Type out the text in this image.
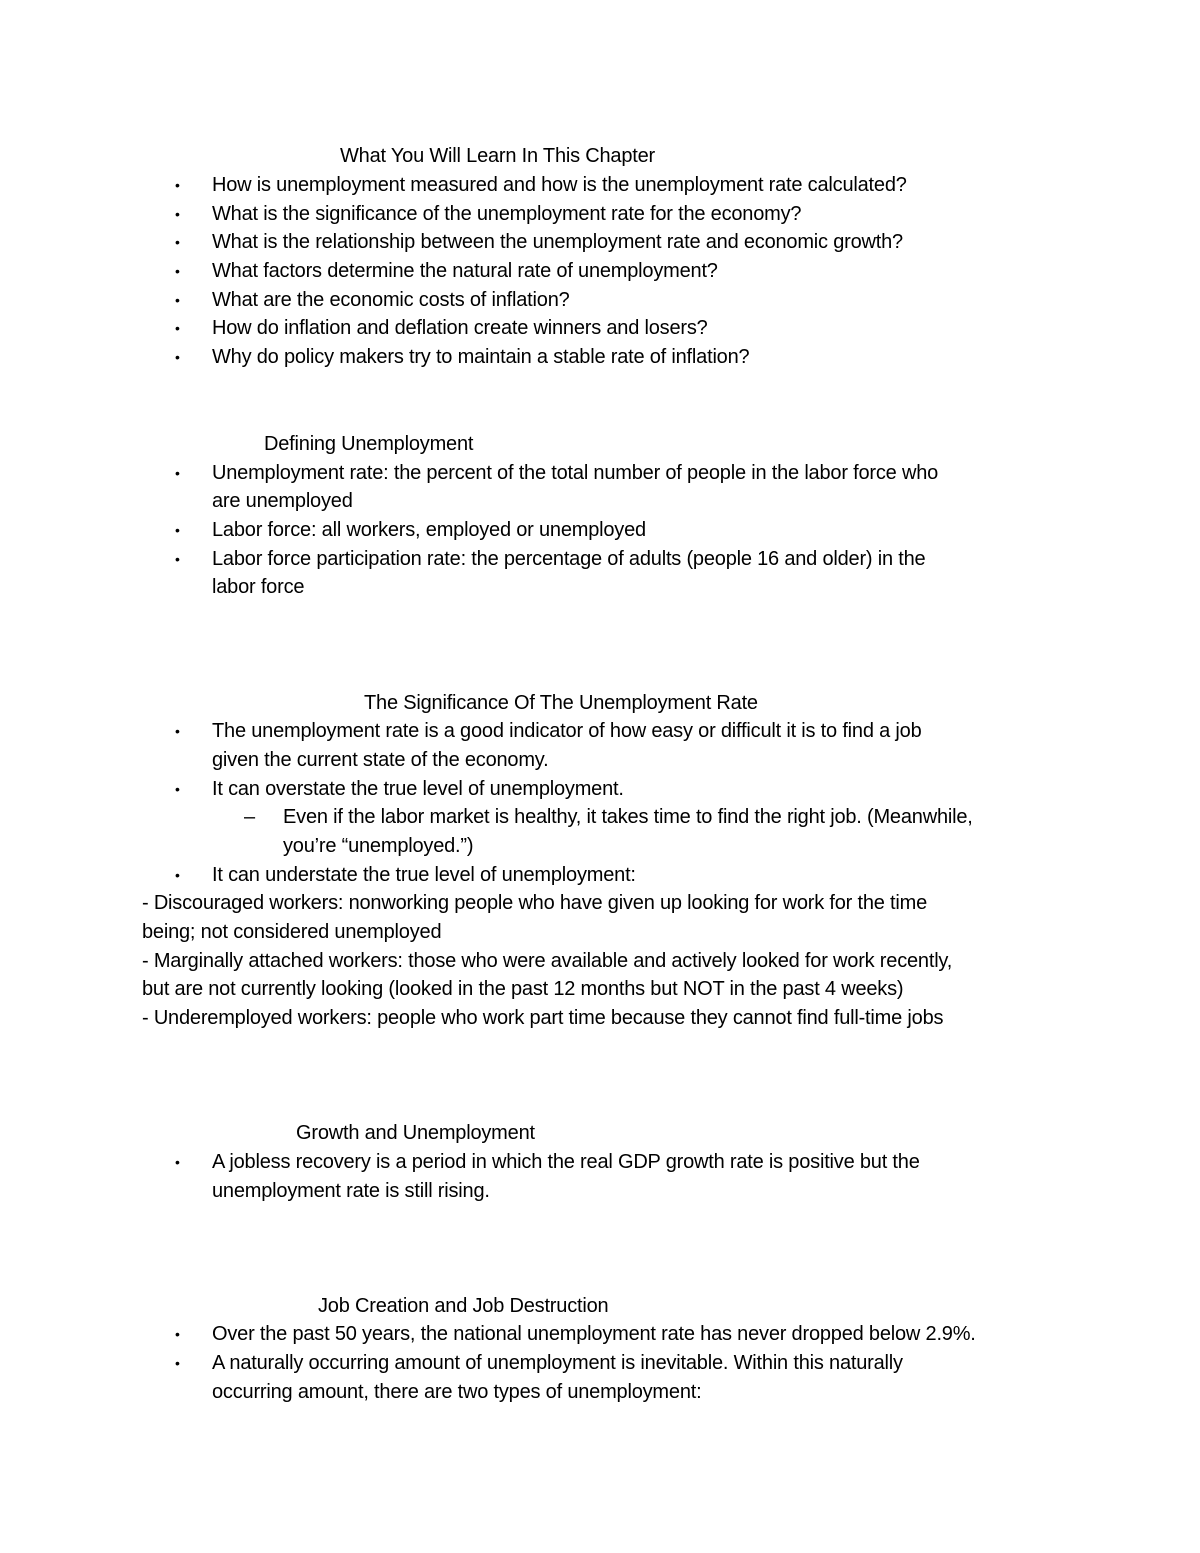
What You Will Learn In This Chapter
• How is unemployment measured and how is the unemployment rate calculated?
• What is the significance of the unemployment rate for the economy?
• What is the relationship between the unemployment rate and economic growth?
• What factors determine the natural rate of unemployment?
• What are the economic costs of inflation?
• How do inflation and deflation create winners and losers?
• Why do policy makers try to maintain a stable rate of inflation?
Defining Unemployment
• Unemployment rate: the percent of the total number of people in the labor force who
are unemployed
• Labor force: all workers, employed or unemployed
• Labor force participation rate: the percentage of adults (people 16 and older) in the
labor force
The Significance Of The Unemployment Rate
• The unemployment rate is a good indicator of how easy or difficult it is to find a job
given the current state of the economy.
• It can overstate the true level of unemployment.
– Even if the labor market is healthy, it takes time to find the right job. (Meanwhile,
you’re “unemployed.”)
• It can understate the true level of unemployment:
- Discouraged workers: nonworking people who have given up looking for work for the time
being; not considered unemployed
- Marginally attached workers: those who were available and actively looked for work recently,
but are not currently looking (looked in the past 12 months but NOT in the past 4 weeks)
- Underemployed workers: people who work part time because they cannot find full-time jobs
Growth and Unemployment
• A jobless recovery is a period in which the real GDP growth rate is positive but the
unemployment rate is still rising.
Job Creation and Job Destruction
• Over the past 50 years, the national unemployment rate has never dropped below 2.9%.
• A naturally occurring amount of unemployment is inevitable. Within this naturally
occurring amount, there are two types of unemployment:
